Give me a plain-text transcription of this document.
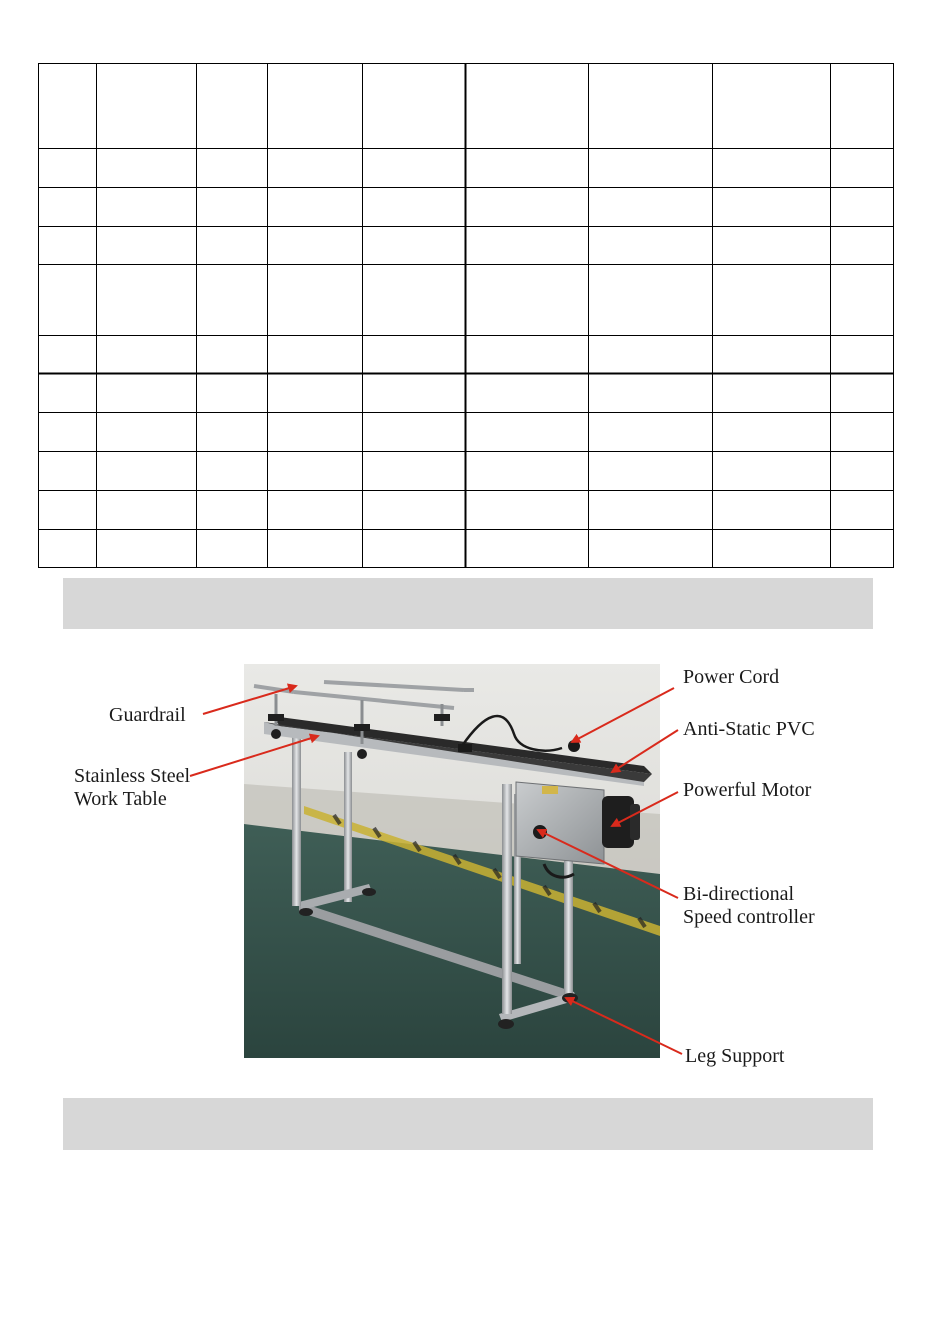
Guardrail
Stainless Steel
Work Table
Power Cord
Anti-Static PVC
Powerful Motor
Bi-directional
Speed controller
Leg Support
